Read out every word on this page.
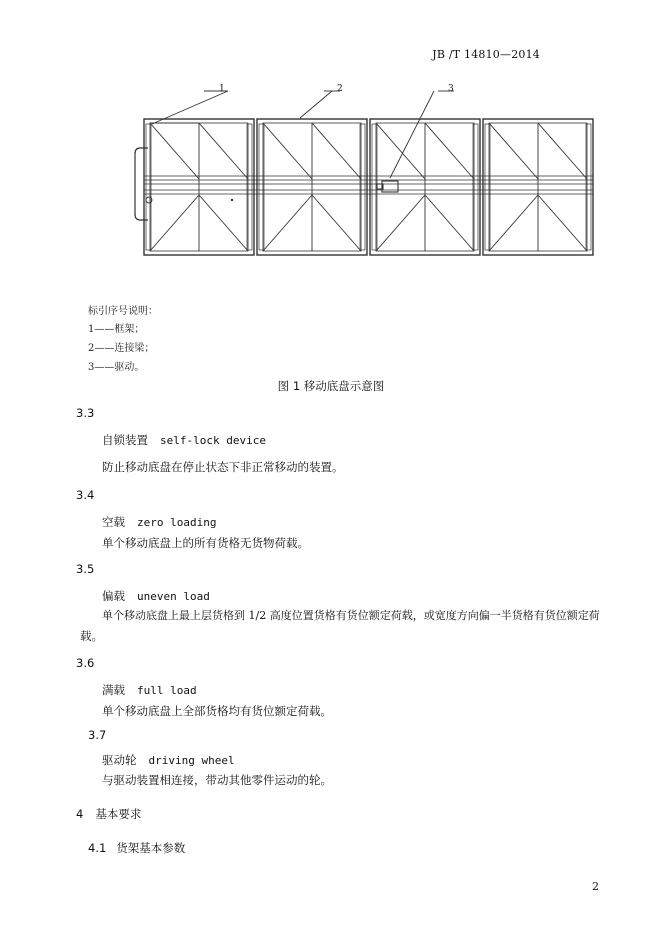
JB /T 14810—2014
1	2	3
标引序号说明：
1——框架；
2——连接梁；
3——驱动。
图 1 移动底盘示意图
3.3
自锁装置 self-lock device
防止移动底盘在停止状态下非正常移动的装置。
3.4
空载 zero loading
单个移动底盘上的所有货格无货物荷载。
3.5
偏载 uneven load
单个移动底盘上最上层货格到 1/2 高度位置货格有货位额定荷载，或宽度方向偏一半货格有货位额定荷
载。
3.6
满载 full load
单个移动底盘上全部货格均有货位额定荷载。
3.7
驱动轮 driving wheel
与驱动装置相连接，带动其他零件运动的轮。
4 基本要求
4.1 货架基本参数
2
